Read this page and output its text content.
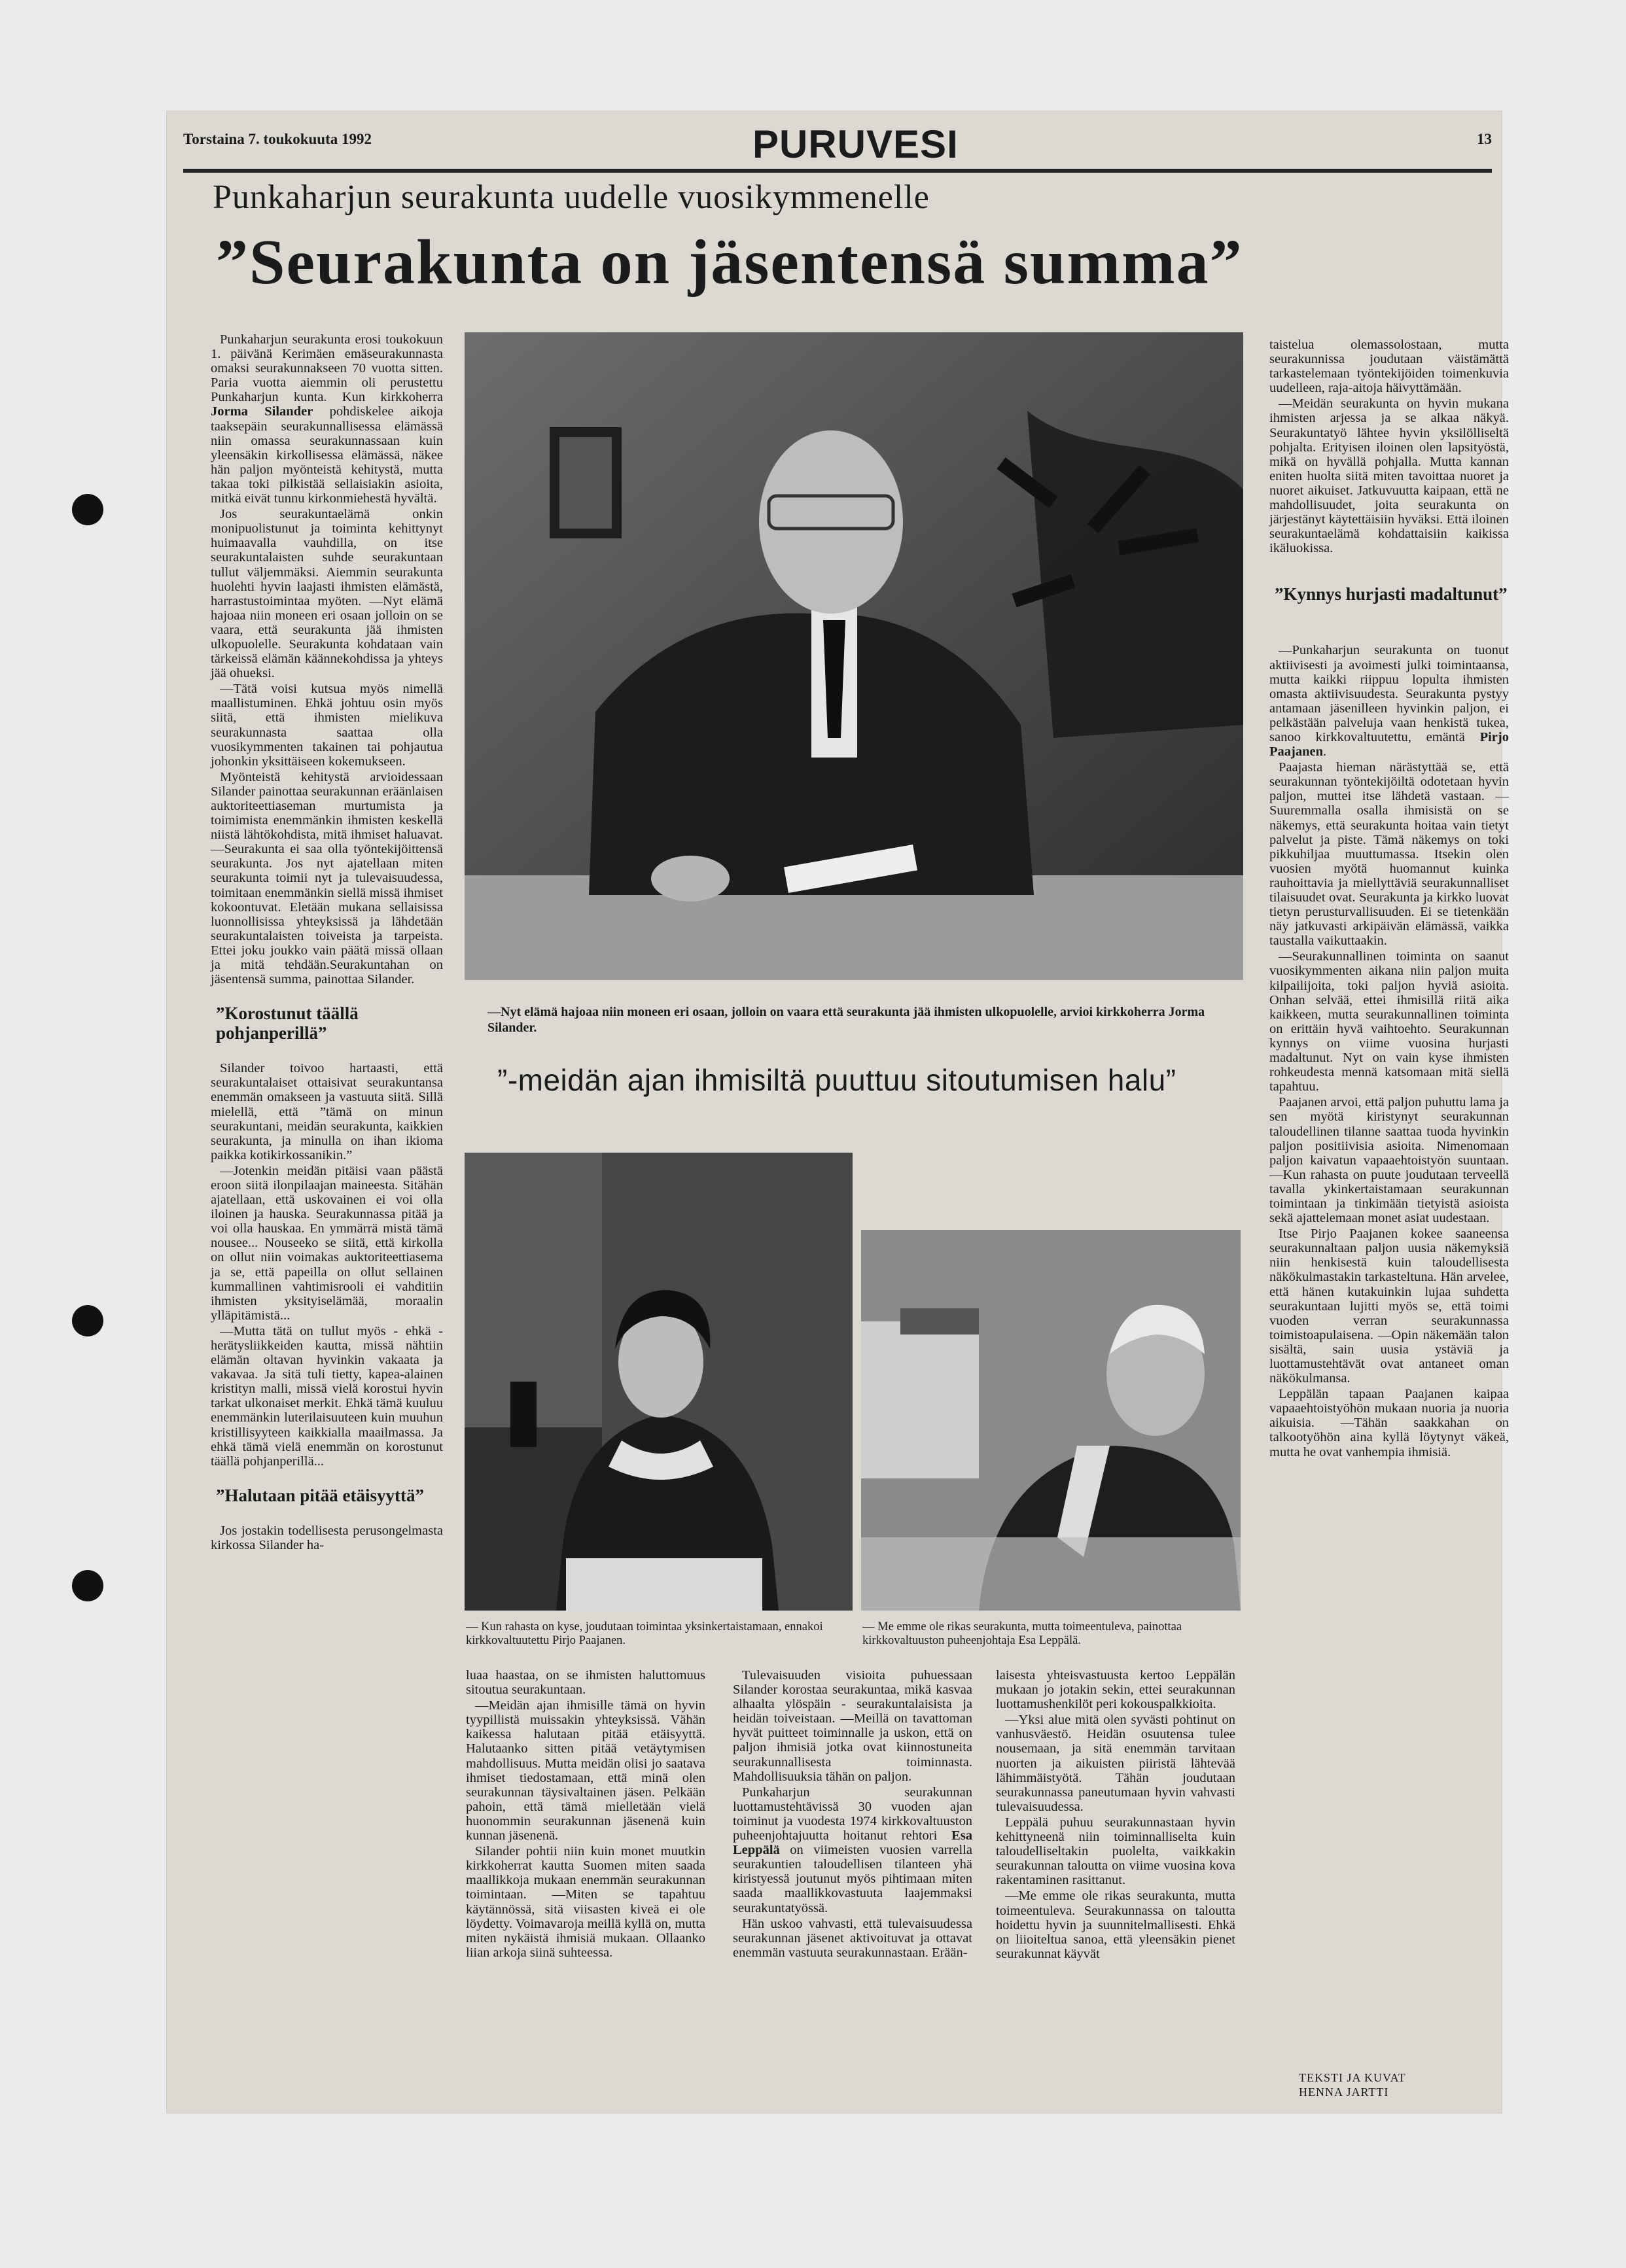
Torstaina 7. toukokuuta 1992	PURUVESI	13
Punkaharjun seurakunta uudelle vuosikymmenelle
”Seurakunta on jäsentensä summa”

Punkaharjun seurakunta erosi toukokuun 1. päivänä Kerimäen emäseurakunnasta omaksi seurakunnakseen 70 vuotta sitten. Paria vuotta aiemmin oli perustettu Punkaharjun kunta. Kun kirkkoherra Jorma Silander pohdiskelee aikoja taaksepäin seurakunnallisessa elämässä niin omassa seurakunnassaan kuin yleensäkin kirkollisessa elämässä, näkee hän paljon myönteistä kehitystä, mutta takaa toki pilkistää sellaisiakin asioita, mitkä eivät tunnu kirkonmiehestä hyvältä.

Jos seurakuntaelämä onkin monipuolistunut ja toiminta kehittynyt huimaavalla vauhdilla, on itse seurakuntalaisten suhde seurakuntaan tullut väljemmäksi. Aiemmin seurakunta huolehti hyvin laajasti ihmisten elämästä, harrastustoimintaa myöten. —Nyt elämä hajoaa niin moneen eri osaan jolloin on se vaara, että seurakunta jää ihmisten ulkopuolelle. Seurakunta kohdataan vain tärkeissä elämän käännekohdissa ja yhteys jää ohueksi.

—Tätä voisi kutsua myös nimellä maallistuminen. Ehkä johtuu osin myös siitä, että ihmisten mielikuva seurakunnasta saattaa olla vuosikymmenten takainen tai pohjautua johonkin yksittäiseen kokemukseen.

Myönteistä kehitystä arvioidessaan Silander painottaa seurakunnan eräänlaisen auktoriteettiaseman murtumista ja toimimista enemmänkin ihmisten keskellä niistä lähtökohdista, mitä ihmiset haluavat. —Seurakunta ei saa olla työntekijöittensä seurakunta. Jos nyt ajatellaan miten seurakunta toimii nyt ja tulevaisuudessa, toimitaan enemmänkin siellä missä ihmiset kokoontuvat. Eletään mukana sellaisissa luonnollisissa yhteyksissä ja lähdetään seurakuntalaisten toiveista ja tarpeista. Ettei joku joukko vain päätä missä ollaan ja mitä tehdään.Seurakuntahan on jäsentensä summa, painottaa Silander.

”Korostunut täällä pohjanperillä”

Silander toivoo hartaasti, että seurakuntalaiset ottaisivat seurakuntansa enemmän omakseen ja vastuuta siitä. Sillä mielellä, että ”tämä on minun seurakuntani, meidän seurakunta, kaikkien seurakunta, ja minulla on ihan ikioma paikka kotikirkossanikin.”

—Jotenkin meidän pitäisi vaan päästä eroon siitä ilonpilaajan maineesta. Sitähän ajatellaan, että uskovainen ei voi olla iloinen ja hauska. Seurakunnassa pitää ja voi olla hauskaa. En ymmärrä mistä tämä nousee... Nouseeko se siitä, että kirkolla on ollut niin voimakas auktoriteettiasema ja se, että papeilla on ollut sellainen kummallinen vahtimisrooli ei vahditiin ihmisten yksityiselämää, moraalin ylläpitämistä...

—Mutta tätä on tullut myös - ehkä - herätysliikkeiden kautta, missä nähtiin elämän oltavan hyvinkin vakaata ja vakavaa. Ja sitä tuli tietty, kapea-alainen kristityn malli, missä vielä korostui hyvin tarkat ulkonaiset merkit. Ehkä tämä kuuluu enemmänkin luterilaisuuteen kuin muuhun kristillisyyteen kaikkialla maailmassa. Ja ehkä tämä vielä enemmän on korostunut täällä pohjanperillä...

”Halutaan pitää etäisyyttä”

Jos jostakin todellisesta perusongelmasta kirkossa Silander ha-

—Nyt elämä hajoaa niin moneen eri osaan, jolloin on vaara että seurakunta jää ihmisten ulkopuolelle, arvioi kirkkoherra Jorma Silander.
”-meidän ajan ihmisiltä puuttuu sitoutumisen halu”
— Kun rahasta on kyse, joudutaan toimintaa yksinkertaistamaan, ennakoi kirkkovaltuutettu Pirjo Paajanen.
— Me emme ole rikas seurakunta, mutta toimeentuleva, painottaa kirkkovaltuuston puheenjohtaja Esa Leppälä.

luaa haastaa, on se ihmisten haluttomuus sitoutua seurakuntaan.

—Meidän ajan ihmisille tämä on hyvin tyypillistä muissakin yhteyksissä. Vähän kaikessa halutaan pitää etäisyyttä. Halutaanko sitten pitää vetäytymisen mahdollisuus. Mutta meidän olisi jo saatava ihmiset tiedostamaan, että minä olen seurakunnan täysivaltainen jäsen. Pelkään pahoin, että tämä mielletään vielä huonommin seurakunnan jäsenenä kuin kunnan jäsenenä.

Silander pohtii niin kuin monet muutkin kirkkoherrat kautta Suomen miten saada maallikkoja mukaan enemmän seurakunnan toimintaan. —Miten se tapahtuu käytännössä, sitä viisasten kiveä ei ole löydetty. Voimavaroja meillä kyllä on, mutta miten nykäistä ihmisiä mukaan. Ollaanko liian arkoja siinä suhteessa.

Tulevaisuuden visioita puhuessaan Silander korostaa seurakuntaa, mikä kasvaa alhaalta ylöspäin - seurakuntalaisista ja heidän toiveistaan. —Meillä on tavattoman hyvät puitteet toiminnalle ja uskon, että on paljon ihmisiä jotka ovat kiinnostuneita seurakunnallisesta toiminnasta. Mahdollisuuksia tähän on paljon.

Punkaharjun seurakunnan luottamustehtävissä 30 vuoden ajan toiminut ja vuodesta 1974 kirkkovaltuuston puheenjohtajuutta hoitanut rehtori Esa Leppälä on viimeisten vuosien varrella seurakuntien taloudellisen tilanteen yhä kiristyessä joutunut myös pihtimaan miten saada maallikkovastuuta laajemmaksi seurakuntatyössä.

Hän uskoo vahvasti, että tulevaisuudessa seurakunnan jäsenet aktivoituvat ja ottavat enemmän vastuuta seurakunnastaan. Erään-

laisesta yhteisvastuusta kertoo Leppälän mukaan jo jotakin sekin, ettei seurakunnan luottamushenkilöt peri kokouspalkkioita.

—Yksi alue mitä olen syvästi pohtinut on vanhusväestö. Heidän osuutensa tulee nousemaan, ja sitä enemmän tarvitaan nuorten ja aikuisten piiristä lähtevää lähimmäistyötä. Tähän joudutaan seurakunnassa paneutumaan hyvin vahvasti tulevaisuudessa.

Leppälä puhuu seurakunnastaan hyvin kehittyneenä niin toiminnalliselta kuin taloudelliseltakin puolelta, vaikkakin seurakunnan taloutta on viime vuosina kova rakentaminen rasittanut.

—Me emme ole rikas seurakunta, mutta toimeentuleva. Seurakunnassa on taloutta hoidettu hyvin ja suunnitelmallisesti. Ehkä on liioiteltua sanoa, että yleensäkin pienet seurakunnat käyvät

taistelua olemassolostaan, mutta seurakunnissa joudutaan väistämättä tarkastelemaan työntekijöiden toimenkuvia uudelleen, raja-aitoja häivyttämään.

—Meidän seurakunta on hyvin mukana ihmisten arjessa ja se alkaa näkyä. Seurakuntatyö lähtee hyvin yksilölliseltä pohjalta. Erityisen iloinen olen lapsityöstä, mikä on hyvällä pohjalla. Mutta kannan eniten huolta siitä miten tavoittaa nuoret ja nuoret aikuiset. Jatkuvuutta kaipaan, että ne mahdollisuudet, joita seurakunta on järjestänyt käytettäisiin hyväksi. Että iloinen seurakuntaelämä kohdattaisiin kaikissa ikäluokissa.

”Kynnys hurjasti madaltunut”

—Punkaharjun seurakunta on tuonut aktiivisesti ja avoimesti julki toimintaansa, mutta kaikki riippuu lopulta ihmisten omasta aktiivisuudesta. Seurakunta pystyy antamaan jäsenilleen hyvinkin paljon, ei pelkästään palveluja vaan henkistä tukea, sanoo kirkkovaltuutettu, emäntä Pirjo Paajanen.

Paajasta hieman närästyttää se, että seurakunnan työntekijöiltä odotetaan hyvin paljon, muttei itse lähdetä vastaan. —Suuremmalla osalla ihmisistä on se näkemys, että seurakunta hoitaa vain tietyt palvelut ja piste. Tämä näkemys on toki pikkuhiljaa muuttumassa. Itsekin olen vuosien myötä huomannut kuinka rauhoittavia ja miellyttäviä seurakunnalliset tilaisuudet ovat. Seurakunta ja kirkko luovat tietyn perusturvallisuuden. Ei se tietenkään näy jatkuvasti arkipäivän elämässä, vaikka taustalla vaikuttaakin.

—Seurakunnallinen toiminta on saanut vuosikymmenten aikana niin paljon muita kilpailijoita, toki paljon hyviä asioita. Onhan selvää, ettei ihmisillä riitä aika kaikkeen, mutta seurakunnallinen toiminta on erittäin hyvä vaihtoehto. Seurakunnan kynnys on viime vuosina hurjasti madaltunut. Nyt on vain kyse ihmisten rohkeudesta mennä katsomaan mitä siellä tapahtuu.

Paajanen arvoi, että paljon puhuttu lama ja sen myötä kiristynyt seurakunnan taloudellinen tilanne saattaa tuoda hyvinkin paljon positiivisia asioita. Nimenomaan paljon kaivatun vapaaehtoistyön suuntaan. —Kun rahasta on puute joudutaan terveellä tavalla ykinkertaistamaan seurakunnan toimintaan ja tinkimään tietyistä asioista sekä ajattelemaan monet asiat uudestaan.

Itse Pirjo Paajanen kokee saaneensa seurakunnaltaan paljon uusia näkemyksiä niin henkisestä kuin taloudellisesta näkökulmastakin tarkasteltuna. Hän arvelee, että hänen kutakuinkin lujaa suhdetta seurakuntaan lujitti myös se, että toimi vuoden verran seurakunnassa toimistoapulaisena. —Opin näkemään talon sisältä, sain uusia ystäviä ja luottamustehtävät ovat antaneet oman näkökulmansa.

Leppälän tapaan Paajanen kaipaa vapaaehtoistyöhön mukaan nuoria ja nuoria aikuisia. —Tähän saakkahan on talkootyöhön aina kyllä löytynyt väkeä, mutta he ovat vanhempia ihmisiä.

TEKSTI JA KUVAT
HENNA JARTTI
